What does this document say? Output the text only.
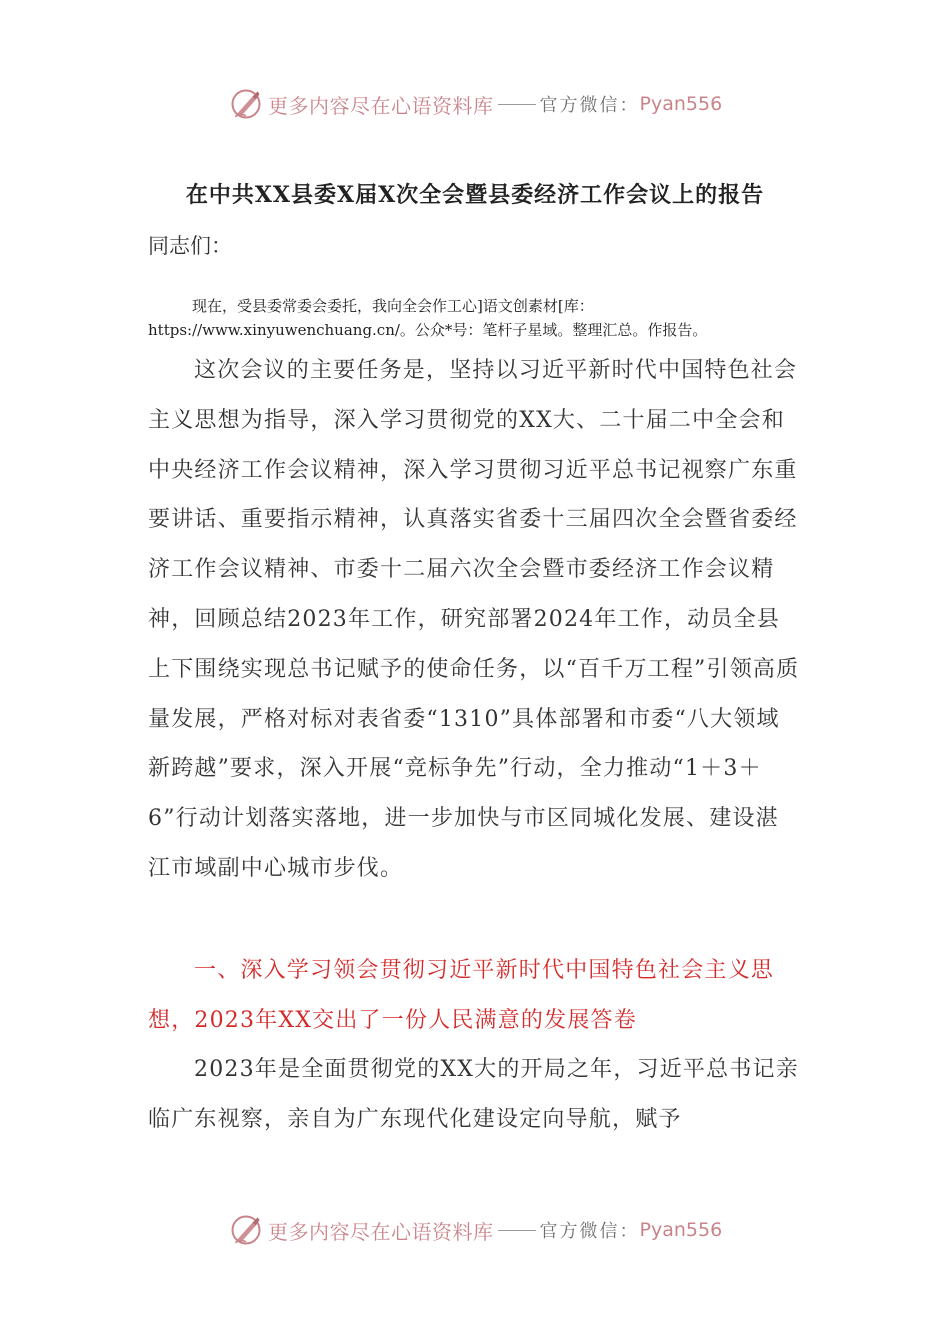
更多内容尽在心语资料库	官方微信： Pyan556
在中共XX县委X届X次全会暨县委经济工作会议上的报告

同志们：

现在，受县委常委会委托，我向全会作工心]语文创素材[库：https://www.xinyuwenchuang.cn/。公众*号：笔杆子星域。整理汇总。作报告。

这次会议的主要任务是，坚持以习近平新时代中国特色社会主义思想为指导，深入学习贯彻党的XX大、二十届二中全会和中央经济工作会议精神，深入学习贯彻习近平总书记视察广东重要讲话、重要指示精神，认真落实省委十三届四次全会暨省委经济工作会议精神、市委十二届六次全会暨市委经济工作会议精神，回顾总结2023年工作，研究部署2024年工作，动员全县上下围绕实现总书记赋予的使命任务，以“百千万工程”引领高质量发展，严格对标对表省委“1310”具体部署和市委“八大领域新跨越”要求，深入开展“竞标争先”行动，全力推动“1＋3＋6”行动计划落实落地，进一步加快与市区同城化发展、建设湛江市域副中心城市步伐。

一、深入学习领会贯彻习近平新时代中国特色社会主义思想，2023年XX交出了一份人民满意的发展答卷

2023年是全面贯彻党的XX大的开局之年，习近平总书记亲临广东视察，亲自为广东现代化建设定向导航，赋予

更多内容尽在心语资料库	官方微信： Pyan556
